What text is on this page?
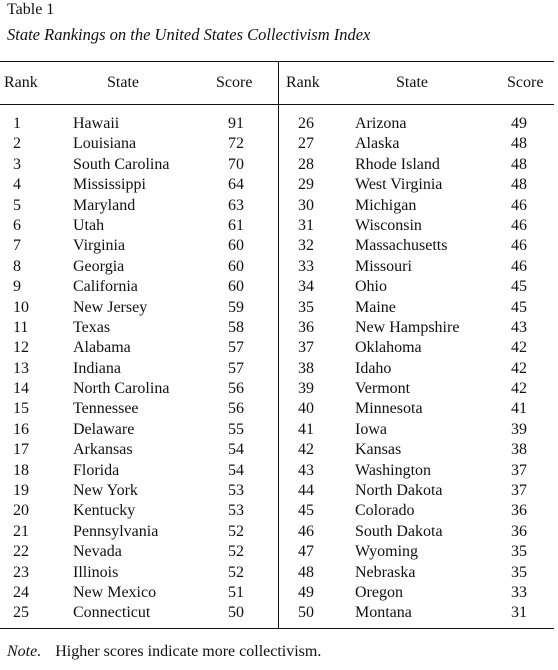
Table 1
State Rankings on the United States Collectivism Index
Rank	State	Score Rank	State	Score
1	Hawaii	91
2	Louisiana	72
3	South Carolina	70
4	Mississippi	64
5	Maryland	63
6	Utah	61
7	Virginia	60
8	Georgia	60
9	California	60
10	New Jersey	59
11	Texas	58
12	Alabama	57
13	Indiana	57
14	North Carolina	56
15	Tennessee	56
16	Delaware	55
17	Arkansas	54
18	Florida	54
19	New York	53
20	Kentucky	53
21	Pennsylvania	52
22	Nevada	52
23	Illinois	52
24	New Mexico	51
25	Connecticut	50
26	Arizona	49
27	Alaska	48
28	Rhode Island	48
29	West Virginia	48
30	Michigan	46
31	Wisconsin	46
32	Massachusetts	46
33	Missouri	46
34	Ohio	45
35	Maine	45
36	New Hampshire	43
37	Oklahoma	42
38	Idaho	42
39	Vermont	42
40	Minnesota	41
41	Iowa	39
42	Kansas	38
43	Washington	37
44	North Dakota	37
45	Colorado	36
46	South Dakota	36
47	Wyoming	35
48	Nebraska	35
49	Oregon	33
50	Montana	31
Note. Higher scores indicate more collectivism.
